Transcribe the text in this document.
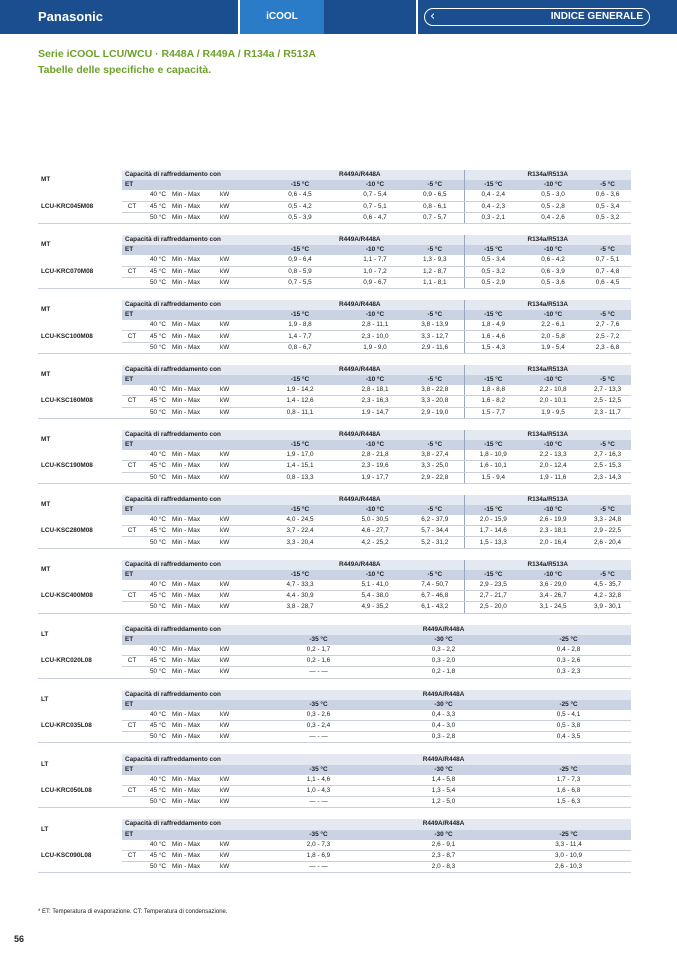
Panasonic	iCOOL	‹	INDICE GENERALE
Serie iCOOL LCU/WCU · R448A / R449A / R134a / R513A
Tabelle delle specifiche e capacità.
MT	Capacità di raffreddamento con				R449A/R448A			R134a/R513A		
	ET				-15 °C	-10 °C	-5 °C	-15 °C	-10 °C	-5 °C
LCU-KRC045M08		40 °C	Min - Max	kW	0,6 - 4,5	0,7 - 5,4	0,9 - 6,5	0,4 - 2,4	0,5 - 3,0	0,6 - 3,6
	CT	45 °C	Min - Max	kW	0,5 - 4,2	0,7 - 5,1	0,8 - 6,1	0,4 - 2,3	0,5 - 2,8	0,5 - 3,4
		50 °C	Min - Max	kW	0,5 - 3,9	0,6 - 4,7	0,7 - 5,7	0,3 - 2,1	0,4 - 2,6	0,5 - 3,2
MT	Capacità di raffreddamento con				R449A/R448A			R134a/R513A		
	ET				-15 °C	-10 °C	-5 °C	-15 °C	-10 °C	-5 °C
LCU-KRC070M08		40 °C	Min - Max	kW	0,9 - 6,4	1,1 - 7,7	1,3 - 9,3	0,5 - 3,4	0,6 - 4,2	0,7 - 5,1
	CT	45 °C	Min - Max	kW	0,8 - 5,9	1,0 - 7,2	1,2 - 8,7	0,5 - 3,2	0,6 - 3,9	0,7 - 4,8
		50 °C	Min - Max	kW	0,7 - 5,5	0,9 - 6,7	1,1 - 8,1	0,5 - 2,9	0,5 - 3,6	0,6 - 4,5
MT	Capacità di raffreddamento con				R449A/R448A			R134a/R513A		
	ET				-15 °C	-10 °C	-5 °C	-15 °C	-10 °C	-5 °C
LCU-KSC100M08		40 °C	Min - Max	kW	1,9 - 8,8	2,8 - 11,1	3,8 - 13,9	1,8 - 4,9	2,2 - 6,1	2,7 - 7,6
	CT	45 °C	Min - Max	kW	1,4 - 7,7	2,3 - 10,0	3,3 - 12,7	1,6 - 4,6	2,0 - 5,8	2,5 - 7,2
		50 °C	Min - Max	kW	0,8 - 6,7	1,9 - 9,0	2,9 - 11,6	1,5 - 4,3	1,9 - 5,4	2,3 - 6,8
MT	Capacità di raffreddamento con				R449A/R448A			R134a/R513A		
	ET				-15 °C	-10 °C	-5 °C	-15 °C	-10 °C	-5 °C
LCU-KSC160M08		40 °C	Min - Max	kW	1,9 - 14,2	2,8 - 18,1	3,8 - 22,8	1,8 - 8,8	2,2 - 10,8	2,7 - 13,3
	CT	45 °C	Min - Max	kW	1,4 - 12,6	2,3 - 16,3	3,3 - 20,8	1,6 - 8,2	2,0 - 10,1	2,5 - 12,5
		50 °C	Min - Max	kW	0,8 - 11,1	1,9 - 14,7	2,9 - 19,0	1,5 - 7,7	1,9 - 9,5	2,3 - 11,7
MT	Capacità di raffreddamento con				R449A/R448A			R134a/R513A		
	ET				-15 °C	-10 °C	-5 °C	-15 °C	-10 °C	-5 °C
LCU-KSC190M08		40 °C	Min - Max	kW	1,9 - 17,0	2,8 - 21,8	3,8 - 27,4	1,8 - 10,9	2,2 - 13,3	2,7 - 16,3
	CT	45 °C	Min - Max	kW	1,4 - 15,1	2,3 - 19,6	3,3 - 25,0	1,6 - 10,1	2,0 - 12,4	2,5 - 15,3
		50 °C	Min - Max	kW	0,8 - 13,3	1,9 - 17,7	2,9 - 22,8	1,5 - 9,4	1,9 - 11,6	2,3 - 14,3
MT	Capacità di raffreddamento con				R449A/R448A			R134a/R513A		
	ET				-15 °C	-10 °C	-5 °C	-15 °C	-10 °C	-5 °C
LCU-KSC280M08		40 °C	Min - Max	kW	4,0 - 24,5	5,0 - 30,5	6,2 - 37,9	2,0 - 15,9	2,6 - 19,9	3,3 - 24,8
	CT	45 °C	Min - Max	kW	3,7 - 22,4	4,6 - 27,7	5,7 - 34,4	1,7 - 14,6	2,3 - 18,1	2,9 - 22,5
		50 °C	Min - Max	kW	3,3 - 20,4	4,2 - 25,2	5,2 - 31,2	1,5 - 13,3	2,0 - 16,4	2,6 - 20,4
MT	Capacità di raffreddamento con				R449A/R448A			R134a/R513A		
	ET				-15 °C	-10 °C	-5 °C	-15 °C	-10 °C	-5 °C
LCU-KSC400M08		40 °C	Min - Max	kW	4,7 - 33,3	5,1 - 41,0	7,4 - 50,7	2,9 - 23,5	3,6 - 29,0	4,5 - 35,7
	CT	45 °C	Min - Max	kW	4,4 - 30,9	5,4 - 38,0	6,7 - 46,8	2,7 - 21,7	3,4 - 26,7	4,2 - 32,8
		50 °C	Min - Max	kW	3,8 - 28,7	4,9 - 35,2	6,1 - 43,2	2,5 - 20,0	3,1 - 24,5	3,9 - 30,1
LT	Capacità di raffreddamento con				R449A/R448A		
	ET				-35 °C	-30 °C	-25 °C
LCU-KRC020L08		40 °C	Min - Max	kW	0,2 - 1,7	0,3 - 2,2	0,4 - 2,8
	CT	45 °C	Min - Max	kW	0,2 - 1,6	0,3 - 2,0	0,3 - 2,6
		50 °C	Min - Max	kW	— - —	0,2 - 1,8	0,3 - 2,3
LT	Capacità di raffreddamento con				R449A/R448A		
	ET				-35 °C	-30 °C	-25 °C
LCU-KRC035L08		40 °C	Min - Max	kW	0,3 - 2,6	0,4 - 3,3	0,5 - 4,1
	CT	45 °C	Min - Max	kW	0,3 - 2,4	0,4 - 3,0	0,5 - 3,8
		50 °C	Min - Max	kW	— - —	0,3 - 2,8	0,4 - 3,5
LT	Capacità di raffreddamento con				R449A/R448A		
	ET				-35 °C	-30 °C	-25 °C
LCU-KRC050L08		40 °C	Min - Max	kW	1,1 - 4,6	1,4 - 5,8	1,7 - 7,3
	CT	45 °C	Min - Max	kW	1,0 - 4,3	1,3 - 5,4	1,6 - 6,8
		50 °C	Min - Max	kW	— - —	1,2 - 5,0	1,5 - 6,3
LT	Capacità di raffreddamento con				R449A/R448A		
	ET				-35 °C	-30 °C	-25 °C
LCU-KSC090L08		40 °C	Min - Max	kW	2,0 - 7,3	2,6 - 9,1	3,3 - 11,4
	CT	45 °C	Min - Max	kW	1,8 - 6,9	2,3 - 8,7	3,0 - 10,9
		50 °C	Min - Max	kW	— - —	2,0 - 8,3	2,6 - 10,3
* ET: Temperatura di evaporazione. CT: Temperatura di condensazione.
56
